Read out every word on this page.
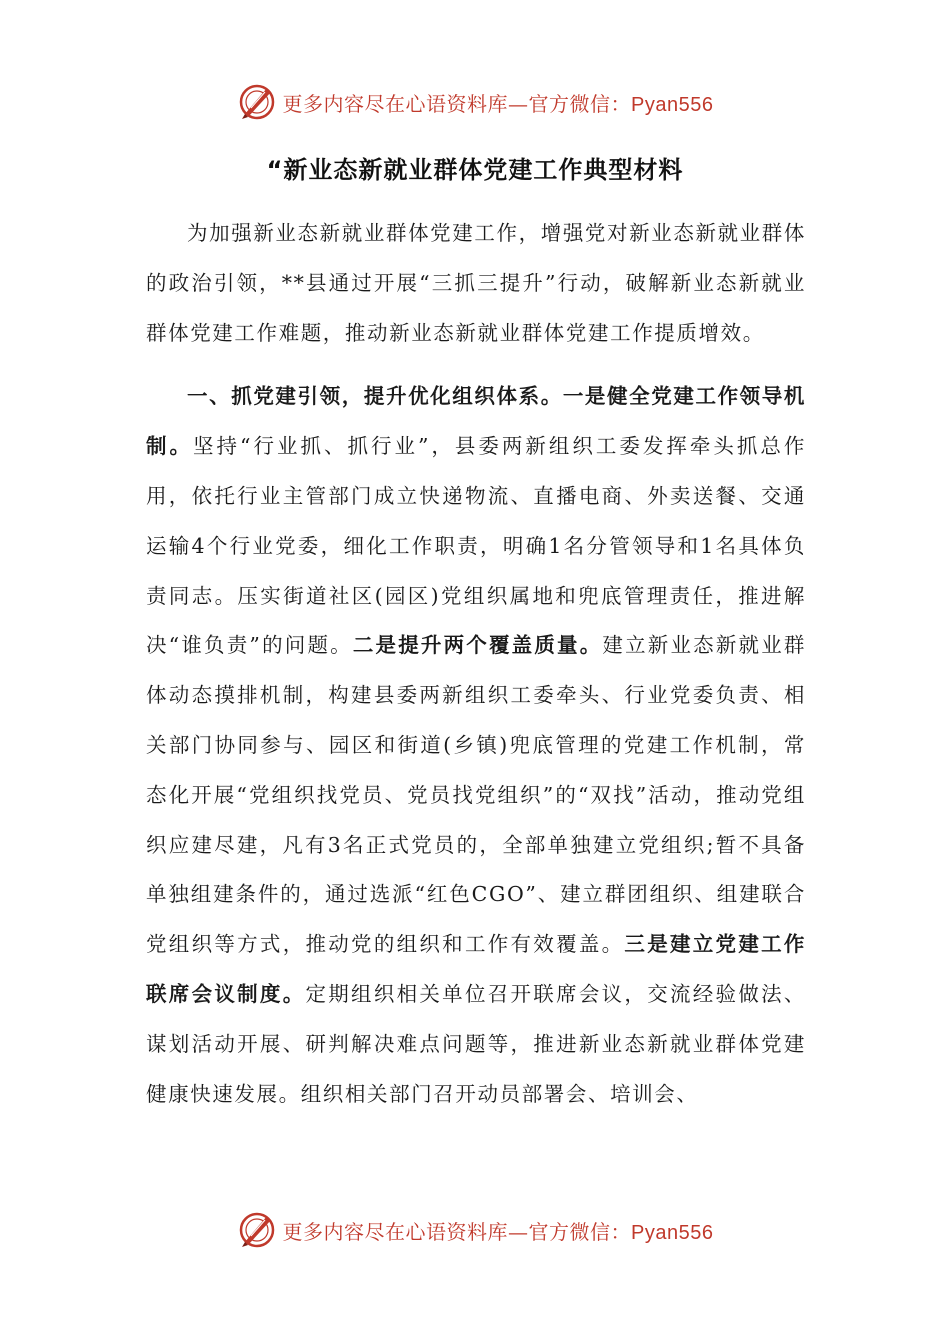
更多内容尽在心语资料库—官方微信：Pyan556
“新业态新就业群体党建工作典型材料

为加强新业态新就业群体党建工作，增强党对新业态新就业群体的政治引领，**县通过开展“三抓三提升”行动，破解新业态新就业群体党建工作难题，推动新业态新就业群体党建工作提质增效。

一、抓党建引领，提升优化组织体系。一是健全党建工作领导机制。坚持“行业抓、抓行业”，县委两新组织工委发挥牵头抓总作用，依托行业主管部门成立快递物流、直播电商、外卖送餐、交通运输4个行业党委，细化工作职责，明确1名分管领导和1名具体负责同志。压实街道社区(园区)党组织属地和兜底管理责任，推进解决“谁负责”的问题。二是提升两个覆盖质量。建立新业态新就业群体动态摸排机制，构建县委两新组织工委牵头、行业党委负责、相关部门协同参与、园区和街道(乡镇)兜底管理的党建工作机制，常态化开展“党组织找党员、党员找党组织”的“双找”活动，推动党组织应建尽建，凡有3名正式党员的，全部单独建立党组织;暂不具备单独组建条件的，通过选派“红色CGO”、建立群团组织、组建联合党组织等方式，推动党的组织和工作有效覆盖。三是建立党建工作联席会议制度。定期组织相关单位召开联席会议，交流经验做法、谋划活动开展、研判解决难点问题等，推进新业态新就业群体党建健康快速发展。组织相关部门召开动员部署会、培训会、

更多内容尽在心语资料库—官方微信：Pyan556
